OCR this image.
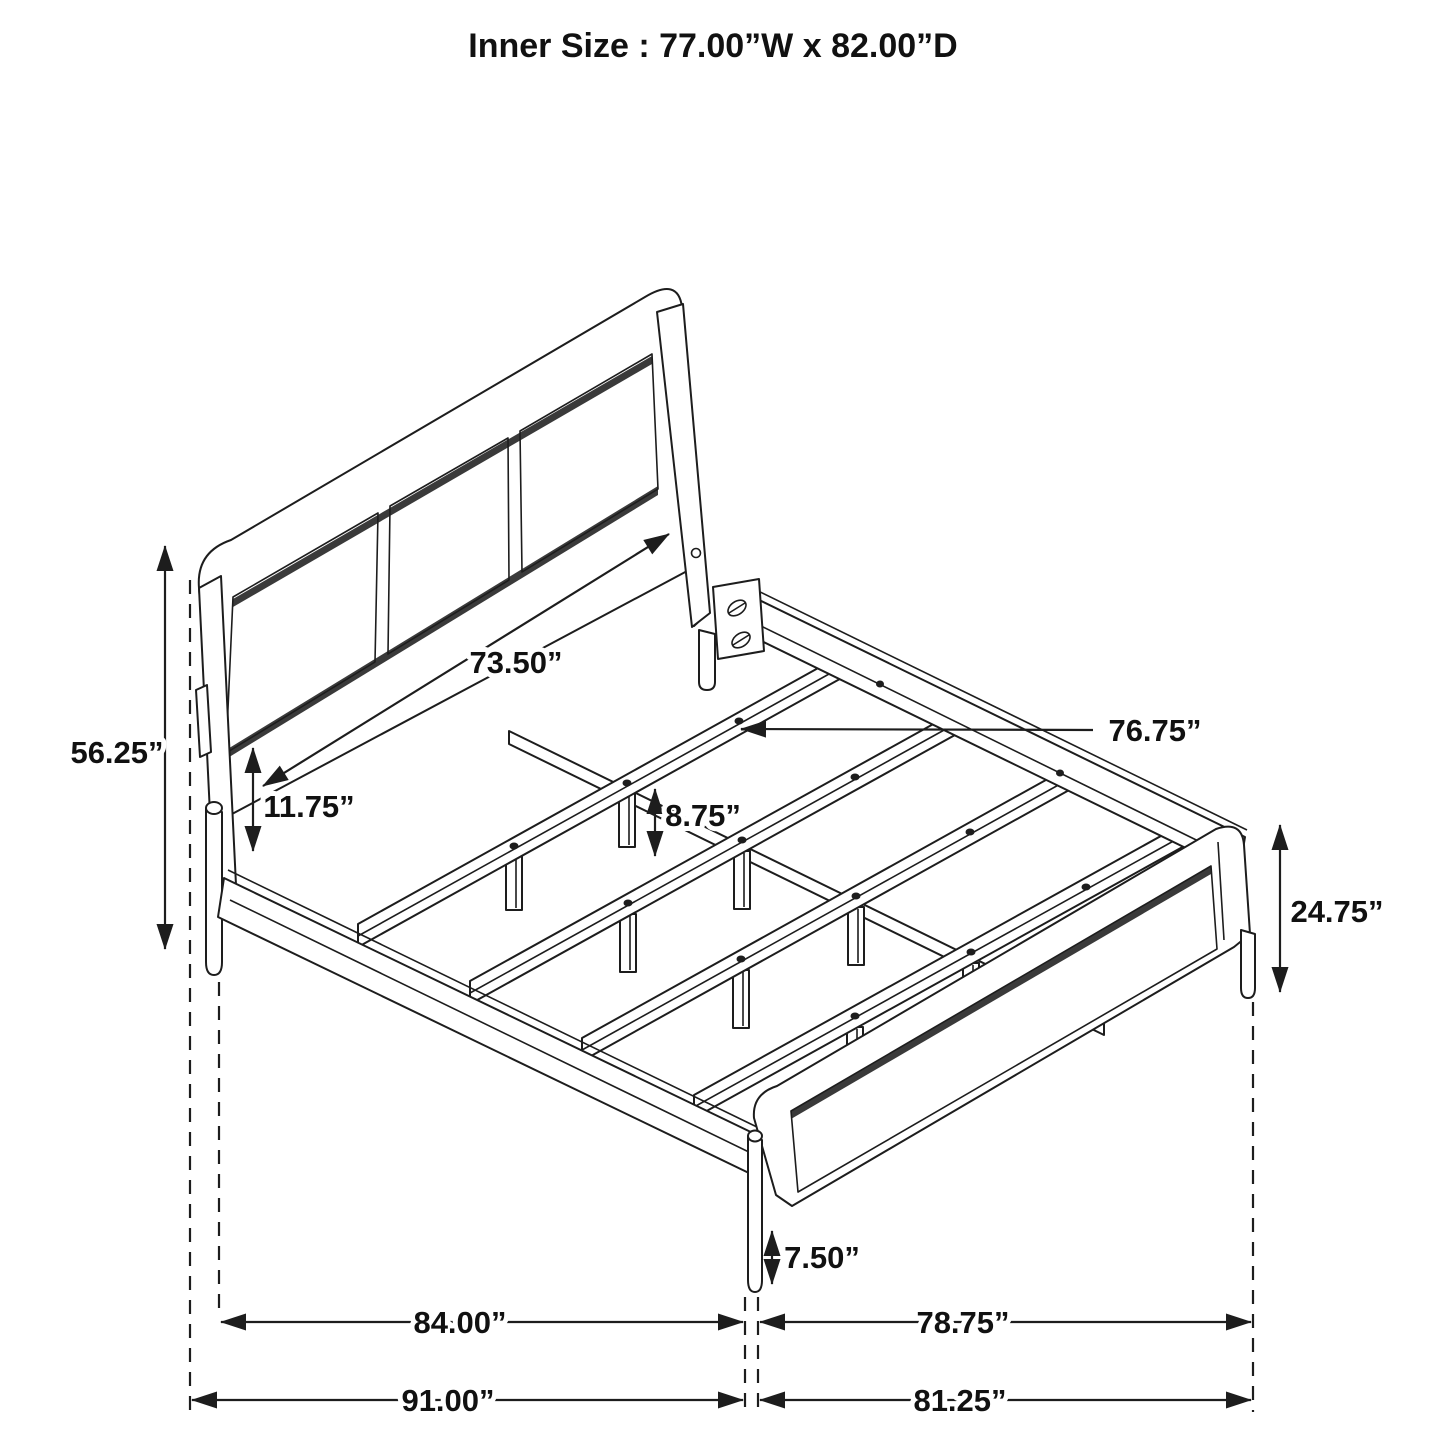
Inner Size : 77.00”W x 82.00”D
56.25”
73.50”
11.75”
76.75”
8.75”
24.75”
7.50”
84.00”	78.75”
91.00”	81.25”
